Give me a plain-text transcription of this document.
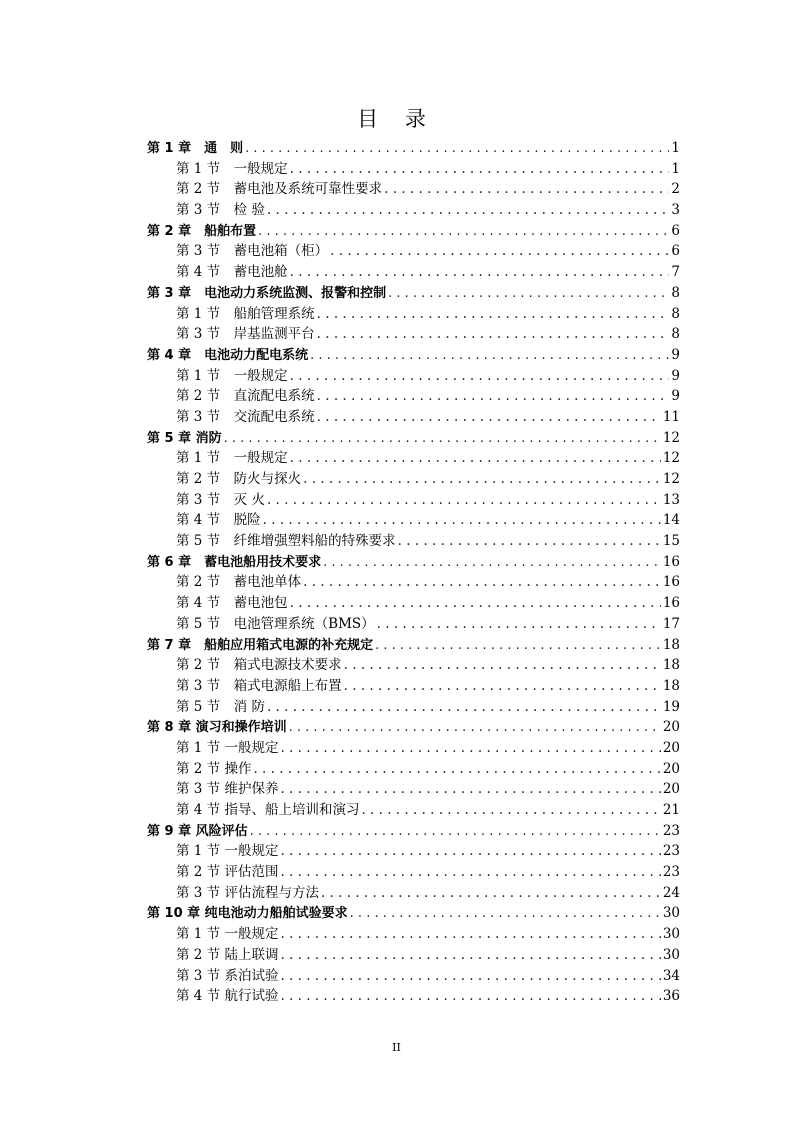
目 录
第 1 章　通　则 . . .	1
第 1 节　一般规定 . . .	1
第 2 节　蓄电池及系统可靠性要求 . . .	2
第 3 节　检 验 . . .	3
第 2 章　船舶布置 . . .	6
第 3 节　蓄电池箱（柜） . . .	6
第 4 节　蓄电池舱 . . .	7
第 3 章　电池动力系统监测、报警和控制 . . .	8
第 1 节　船舶管理系统 . . .	8
第 3 节　岸基监测平台 . . .	8
第 4 章　电池动力配电系统 . . .	9
第 1 节　一般规定 . . .	9
第 2 节　直流配电系统 . . .	9
第 3 节　交流配电系统 . . .	11
第 5 章 消防 . . .	12
第 1 节　一般规定 . . .	12
第 2 节　防火与探火 . . .	12
第 3 节　灭 火 . . .	13
第 4 节　脱险 . . .	14
第 5 节　纤维增强塑料船的特殊要求 . . .	15
第 6 章　蓄电池船用技术要求 . . .	16
第 2 节　蓄电池单体 . . .	16
第 4 节　蓄电池包 . . .	16
第 5 节　电池管理系统（BMS） . . .	17
第 7 章　船舶应用箱式电源的补充规定 . . .	18
第 2 节　箱式电源技术要求 . . .	18
第 3 节　箱式电源船上布置 . . .	18
第 5 节　消 防 . . .	19
第 8 章 演习和操作培训 . . .	20
第 1 节 一般规定 . . .	20
第 2 节 操作 . . .	20
第 3 节 维护保养 . . .	20
第 4 节 指导、船上培训和演习 . . .	21
第 9 章 风险评估 . . .	23
第 1 节 一般规定 . . .	23
第 2 节 评估范围 . . .	23
第 3 节 评估流程与方法 . . .	24
第 10 章 纯电池动力船舶试验要求 . . .	30
第 1 节 一般规定 . . .	30
第 2 节 陆上联调 . . .	30
第 3 节 系泊试验 . . .	34
第 4 节 航行试验 . . .	36
II
